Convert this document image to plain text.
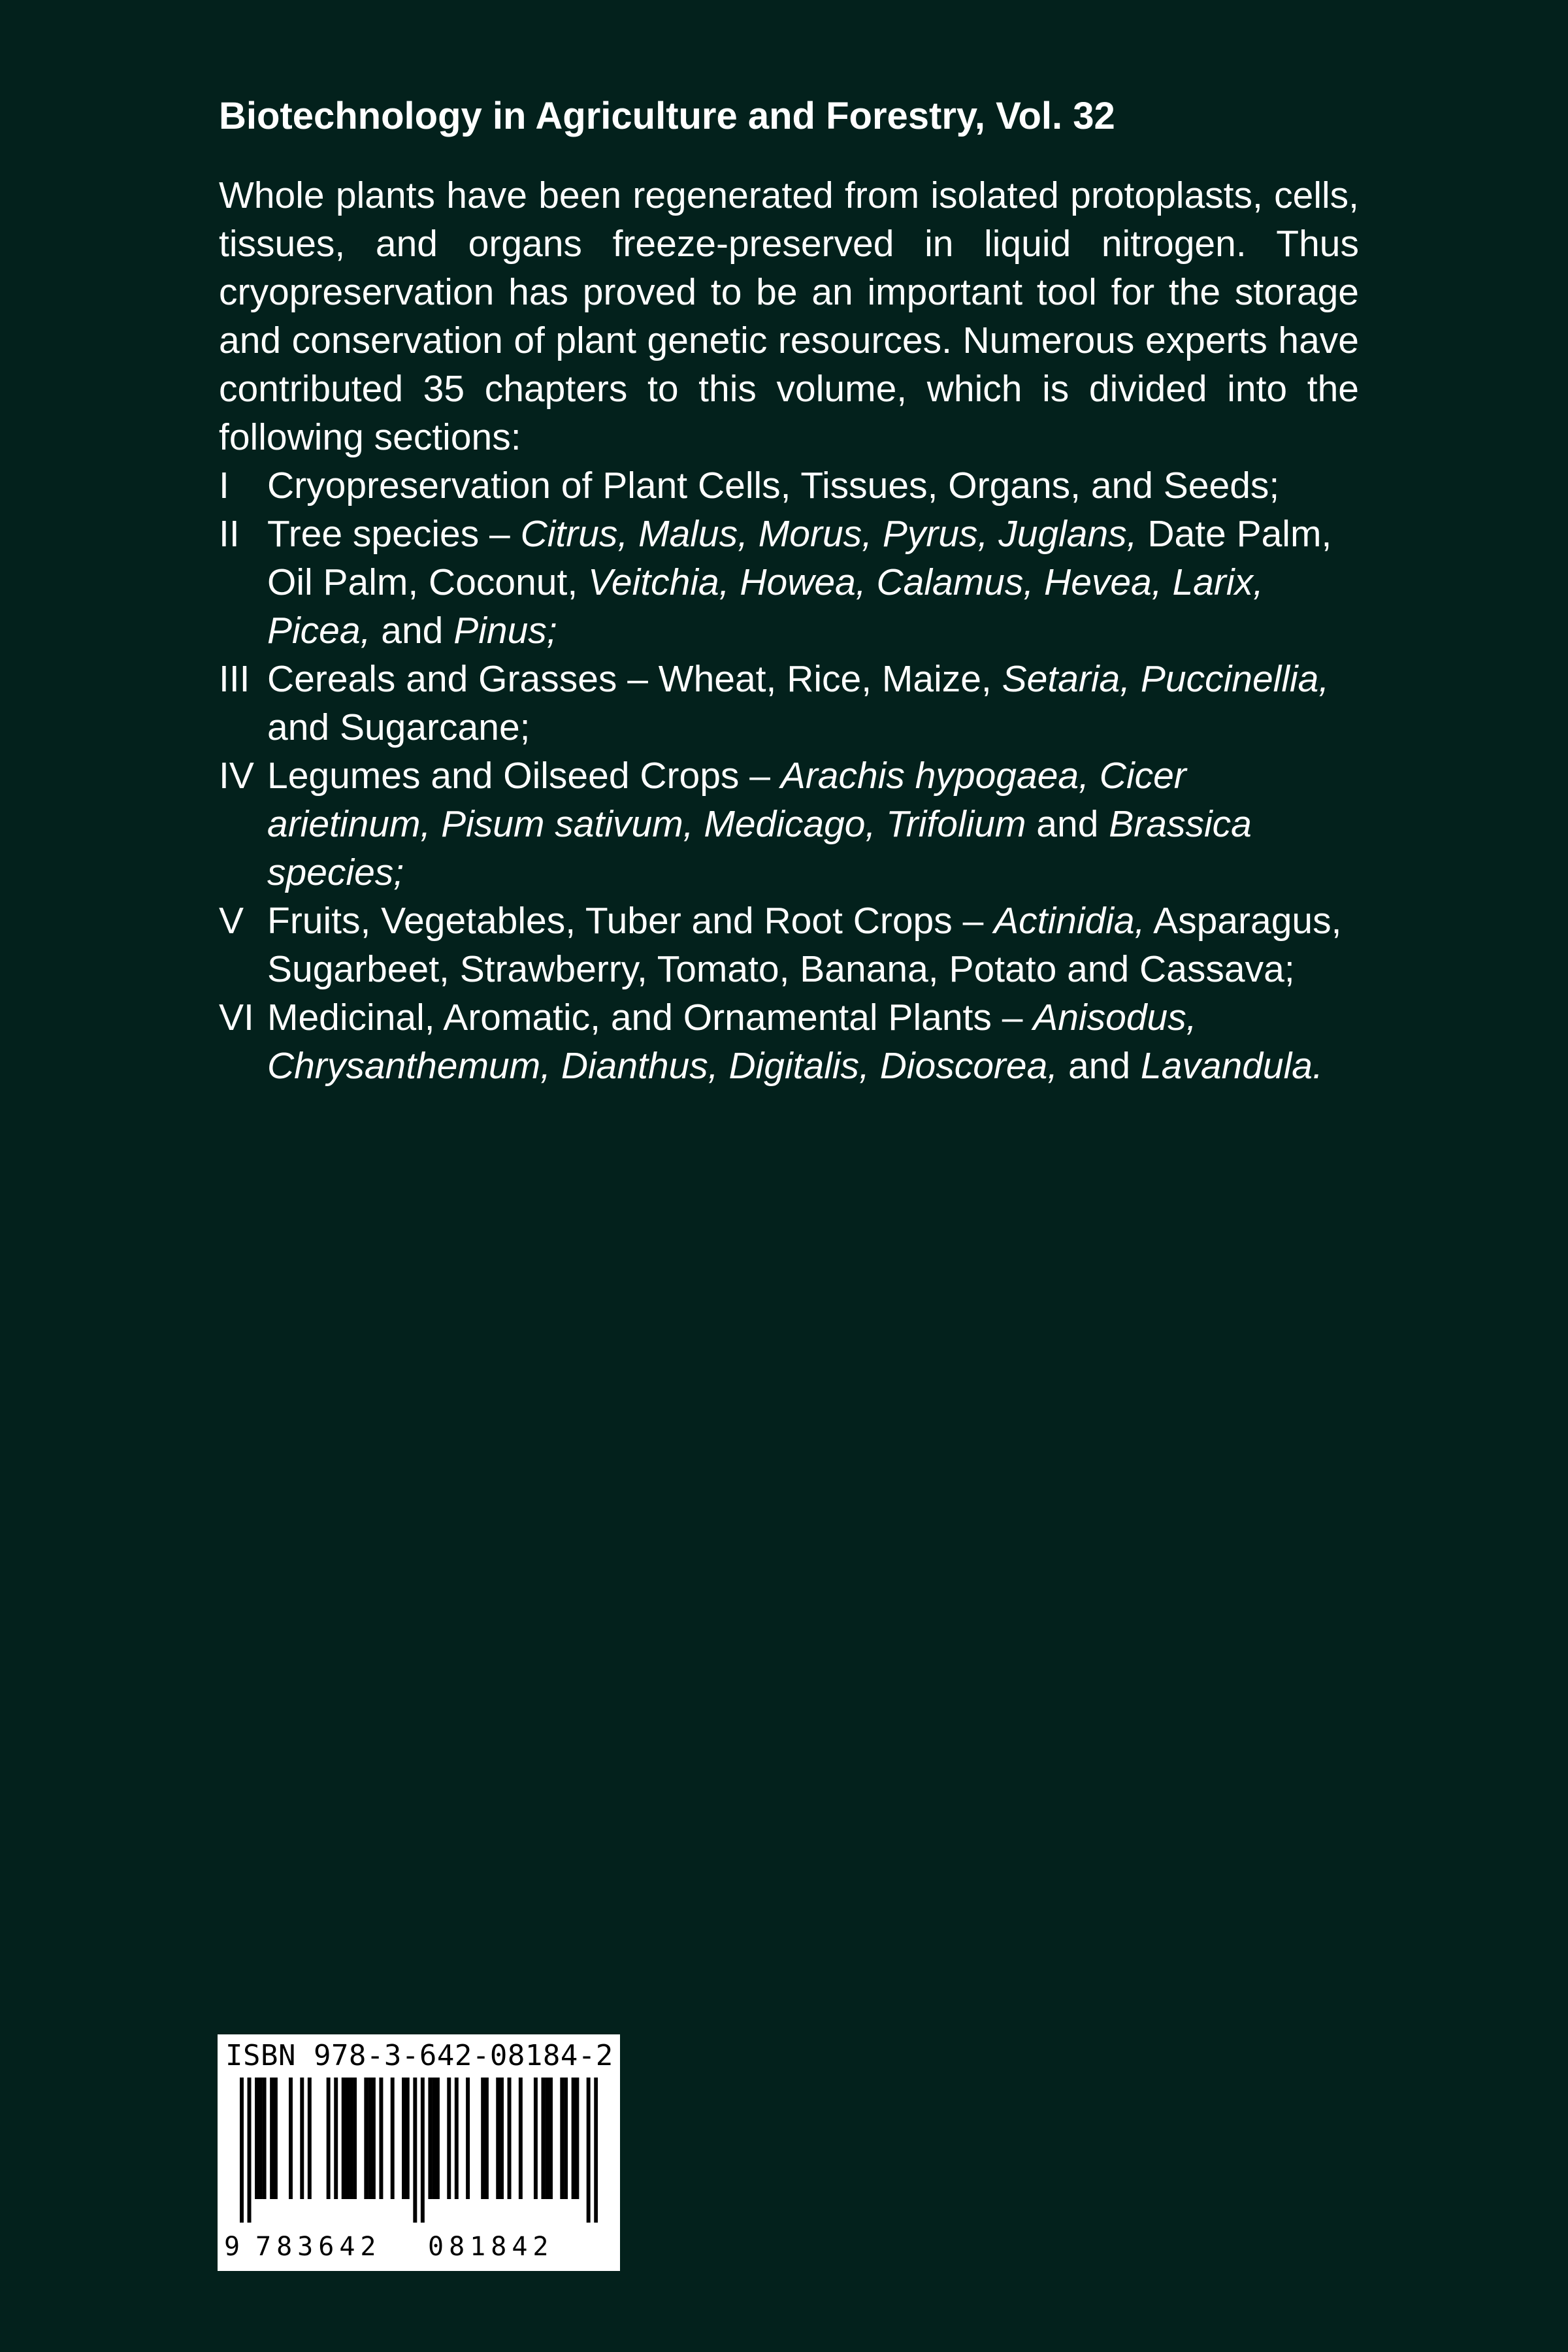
Biotechnology in Agriculture and Forestry, Vol. 32
Whole plants have been regenerated from isolated protoplasts, cells, tissues, and organs freeze-preserved in liquid nitrogen. Thus cryopreservation has proved to be an important tool for the storage and conservation of plant genetic resources. Numerous experts have contributed 35 chapters to this volume, which is divided into the following sections:
I	Cryopreservation of Plant Cells, Tissues, Organs, and Seeds;
II Tree species – Citrus, Malus, Morus, Pyrus, Juglans, Date Palm, Oil Palm, Coconut, Veitchia, Howea, Calamus, Hevea, Larix, Picea, and Pinus;
III Cereals and Grasses – Wheat, Rice, Maize, Setaria, Puccinellia, and Sugarcane;
IV Legumes and Oilseed Crops – Arachis hypogaea, Cicer arietinum, Pisum sativum, Medicago, Trifolium and Brassica species;
V Fruits, Vegetables, Tuber and Root Crops – Actinidia, Asparagus, Sugarbeet, Strawberry, Tomato, Banana, Potato and Cassava;
VI Medicinal, Aromatic, and Ornamental Plants – Anisodus, Chrysanthemum, Dianthus, Digitalis, Dioscorea, and Lavandula.
ISBN 978-3-642-08184-2
9 783642 081842
